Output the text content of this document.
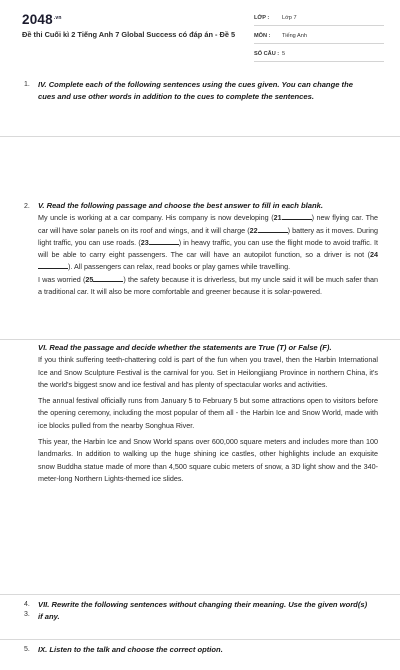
$2048^{.vn}$
Đề thi Cuối kì 2 Tiếng Anh 7 Global Success có đáp án - Đề 5
LỚP : Lớp 7
MÔN : Tiếng Anh
SỐ CÂU : 5
1. IV. Complete each of the following sentences using the cues given. You can change the cues and use other words in addition to the cues to complete the sentences.
2. V. Read the following passage and choose the best answer to fill in each blank.

My uncle is working at a car company. His company is now developing (21	) new flying car. The car will have solar panels on its roof and wings, and it will charge (22	) battery as it moves. During light traffic, you can use roads. (23	) in heavy traffic, you can use the flight mode to avoid traffic. It will be able to carry eight passengers. The car will have an autopilot function, so a driver is not (24). All passengers can relax, read books or play games while travelling.

I was worried (25	) the safety because it is driverless, but my uncle said it will be much safer than a traditional car. It will also be more comfortable and greener because it is solar-powered.

3.
VI. Read the passage and decide whether the statements are True (T) or False (F).

If you think suffering teeth-chattering cold is part of the fun when you travel, then the Harbin International Ice and Snow Sculpture Festival is the carnival for you. Set in Heilongjiang Province in northern China, it's the world's biggest snow and ice festival and has plenty of spectacular works and activities.

The annual festival officially runs from January 5 to February 5 but some attractions open to visitors before the opening ceremony, including the most popular of them all - the Harbin Ice and Snow World, made with ice blocks pulled from the nearby Songhua River.

This year, the Harbin Ice and Snow World spans over 600,000 square meters and includes more than 100 landmarks. In addition to walking up the huge shining ice castles, other highlights include an exquisite snow Buddha statue made of more than 4,500 square cubic meters of snow, a 3D light show and the 340-meter-long Northern Lights-themed ice slides.

4. VII. Rewrite the following sentences without changing their meaning. Use the given word(s) if any.
5. IX. Listen to the talk and choose the correct option.
